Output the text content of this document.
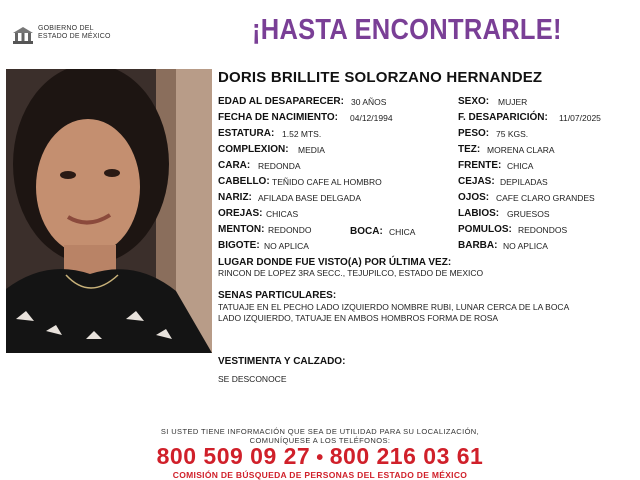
GOBIERNO DEL
ESTADO DE MÉXICO	¡HASTA ENCONTRARLE!
DORIS BRILLITE SOLORZANO HERNANDEZ
EDAD AL DESAPARECER: 30 AÑOS
FECHA DE NACIMIENTO: 04/12/1994
ESTATURA: 1.52 MTS.
COMPLEXION: MEDIA
CARA: REDONDA
CABELLO: TEÑIDO CAFE AL HOMBRO
NARIZ: AFILADA BASE DELGADA
OREJAS: CHICAS
MENTON: REDONDO	BOCA: CHICA
BIGOTE: NO APLICA
SEXO: MUJER
F. DESAPARICIÓN: 11/07/2025
PESO: 75 KGS.
TEZ: MORENA CLARA
FRENTE: CHICA
CEJAS: DEPILADAS
OJOS: CAFE CLARO GRANDES
LABIOS: GRUESOS
POMULOS: REDONDOS
BARBA: NO APLICA
LUGAR DONDE FUE VISTO(A) POR ÚLTIMA VEZ:
RINCON DE LOPEZ 3RA SECC., TEJUPILCO, ESTADO DE MEXICO
SENAS PARTICULARES:
TATUAJE EN EL PECHO LADO IZQUIERDO NOMBRE RUBI, LUNAR CERCA DE LA BOCA
LADO IZQUIERDO, TATUAJE EN AMBOS HOMBROS FORMA DE ROSA
VESTIMENTA Y CALZADO:
SE DESCONOCE
SI USTED TIENE INFORMACIÓN QUE SEA DE UTILIDAD PARA SU LOCALIZACIÓN,
COMUNÍQUESE A LOS TELÉFONOS:
800 509 09 27 • 800 216 03 61
COMISIÓN DE BÚSQUEDA DE PERSONAS DEL ESTADO DE MÉXICO
